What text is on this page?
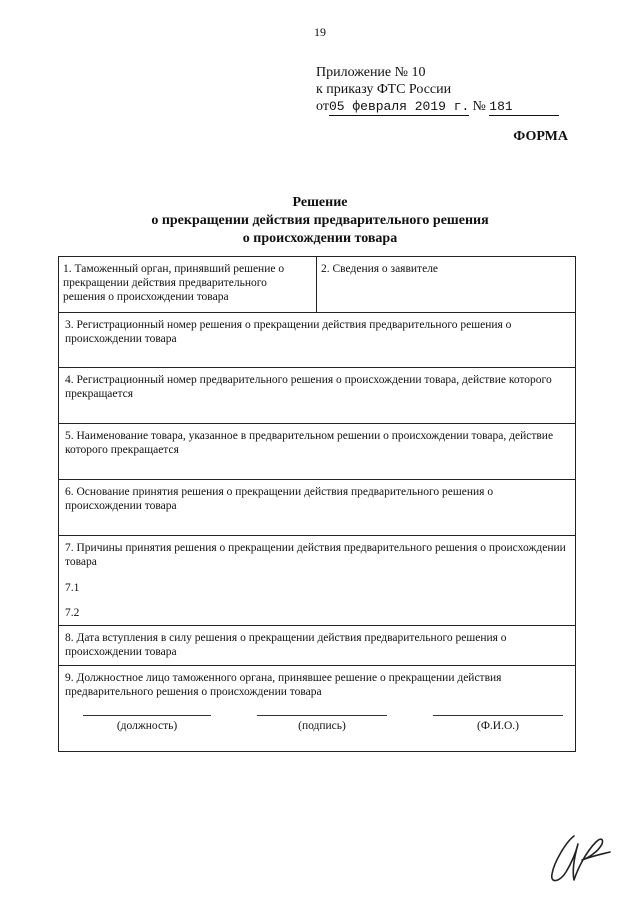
19
Приложение № 10
к приказу ФТС России
от05 февраля 2019 г. № 181
ФОРМА
Решение
о прекращении действия предварительного решения
о происхождении товара
1. Таможенный орган, принявший решение о прекращении действия предварительного решения о происхождении товара
2. Сведения о заявителе
3. Регистрационный номер решения о прекращении действия предварительного решения о происхождении товара
4. Регистрационный номер предварительного решения о происхождении товара, действие которого прекращается
5. Наименование товара, указанное в предварительном решении о происхождении товара, действие которого прекращается
6. Основание принятия решения о прекращении действия предварительного решения о происхождении товара
7. Причины принятия решения о прекращении действия предварительного решения о происхождении товара
7.1
7.2
8. Дата вступления в силу решения о прекращении действия предварительного решения о происхождении товара
9. Должностное лицо таможенного органа, принявшее решение о прекращении действия предварительного решения о происхождении товара
(должность)	(подпись)	(Ф.И.О.)
